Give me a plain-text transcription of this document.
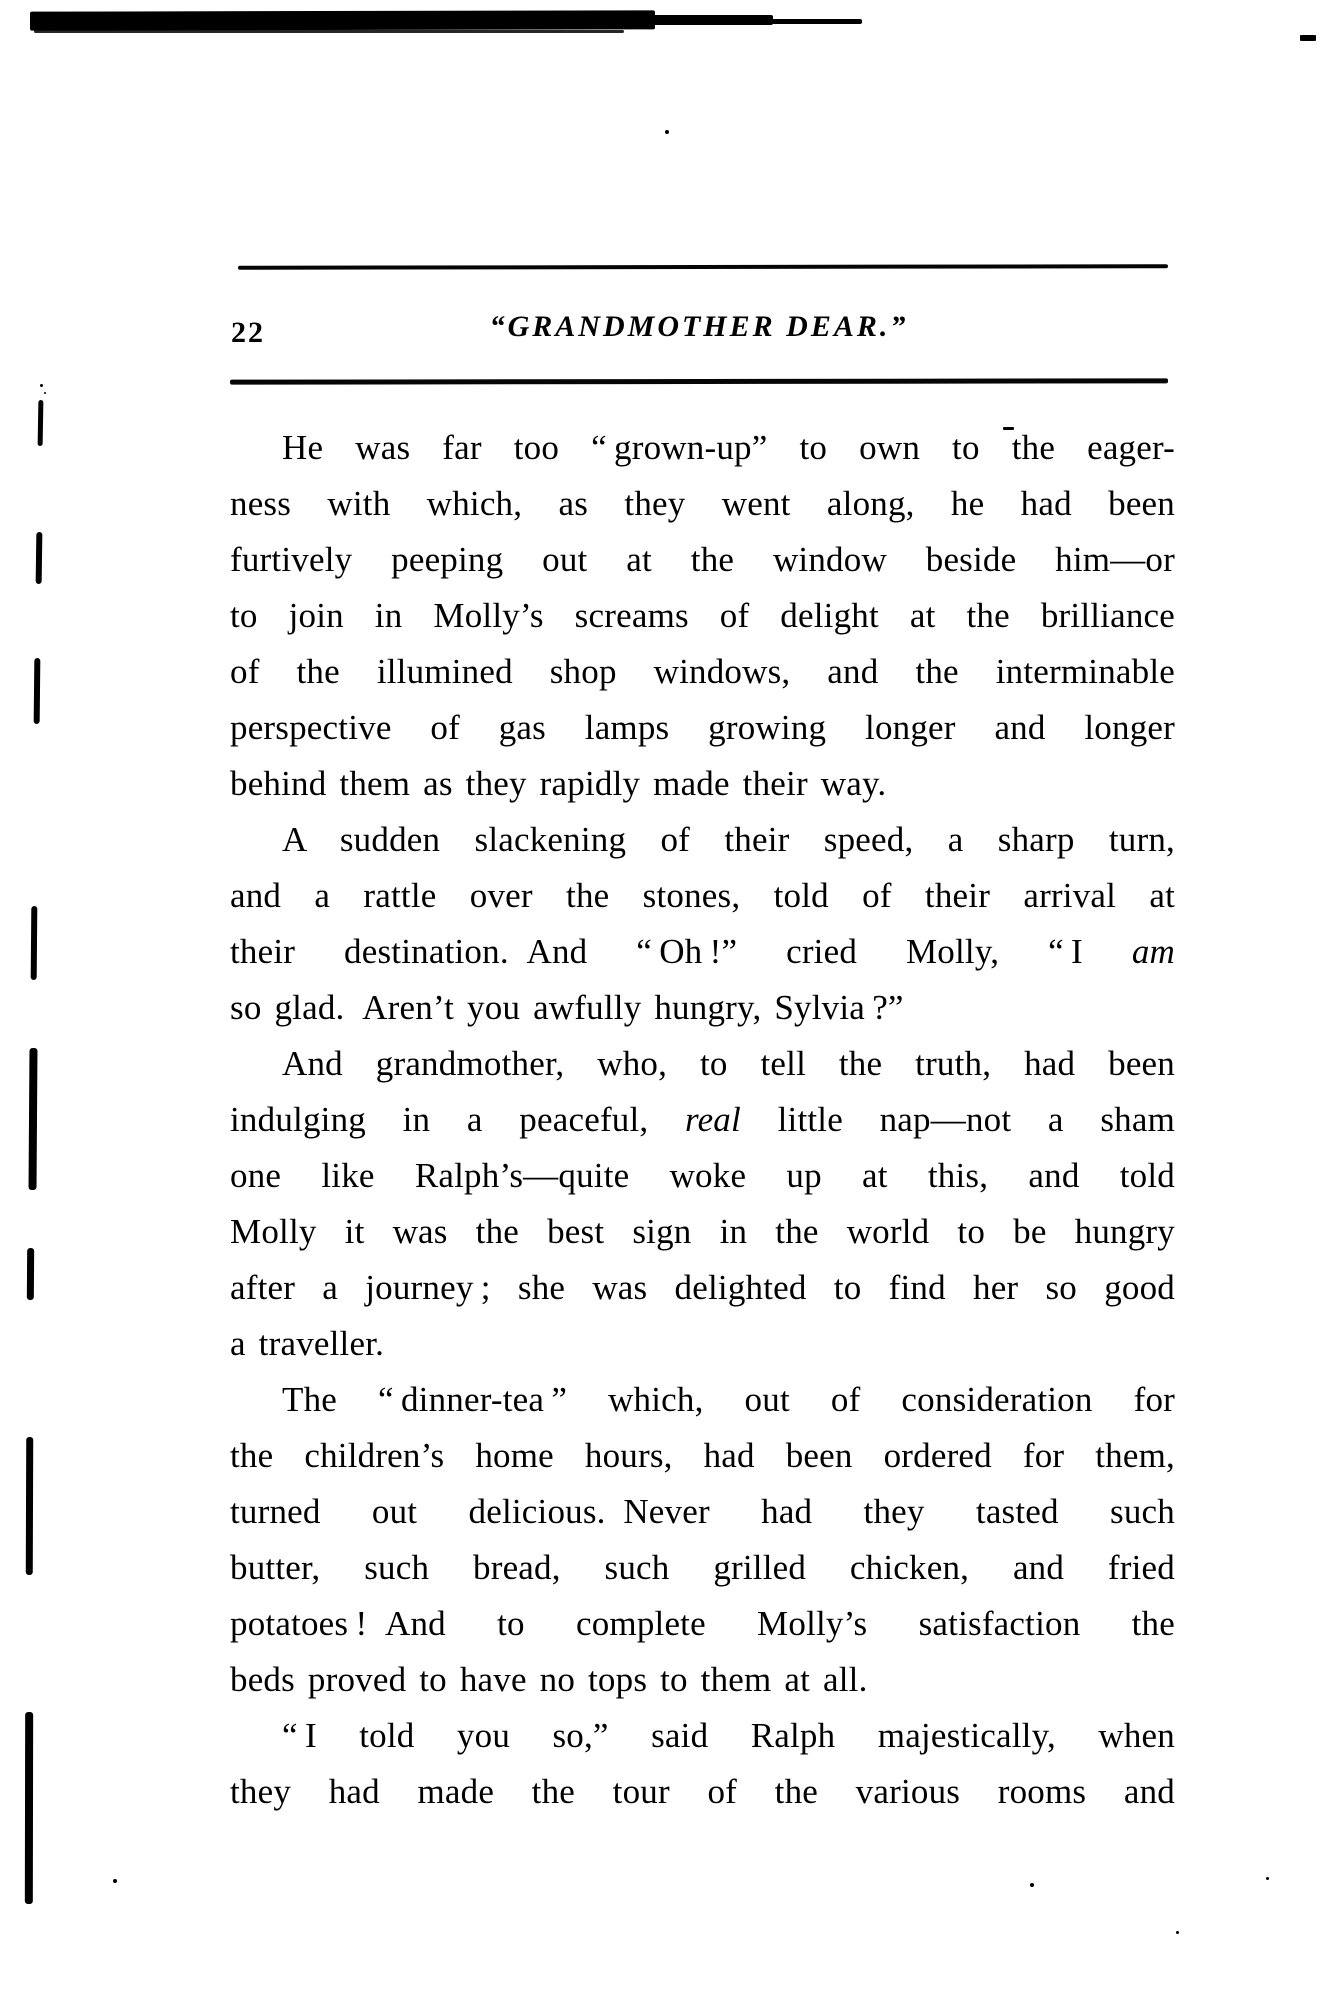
22	“GRANDMOTHER DEAR.”
He was far too “ grown-up” to own to the eager-
ness with which, as they went along, he had been
furtively peeping out at the window beside him—or
to join in Molly’s screams of delight at the brilliance
of the illumined shop windows, and the interminable
perspective of gas lamps growing longer and longer
behind them as they rapidly made their way.
A sudden slackening of their speed, a sharp turn,
and a rattle over the stones, told of their arrival at
their destination. And “ Oh !” cried Molly, “ I am
so glad. Aren’t you awfully hungry, Sylvia ?”
And grandmother, who, to tell the truth, had been
indulging in a peaceful, real little nap—not a sham
one like Ralph’s—quite woke up at this, and told
Molly it was the best sign in the world to be hungry
after a journey ; she was delighted to find her so good
a traveller.
The “ dinner-tea ” which, out of consideration for
the children’s home hours, had been ordered for them,
turned out delicious. Never had they tasted such
butter, such bread, such grilled chicken, and fried
potatoes ! And to complete Molly’s satisfaction the
beds proved to have no tops to them at all.
“ I told you so,” said Ralph majestically, when
they had made the tour of the various rooms and
